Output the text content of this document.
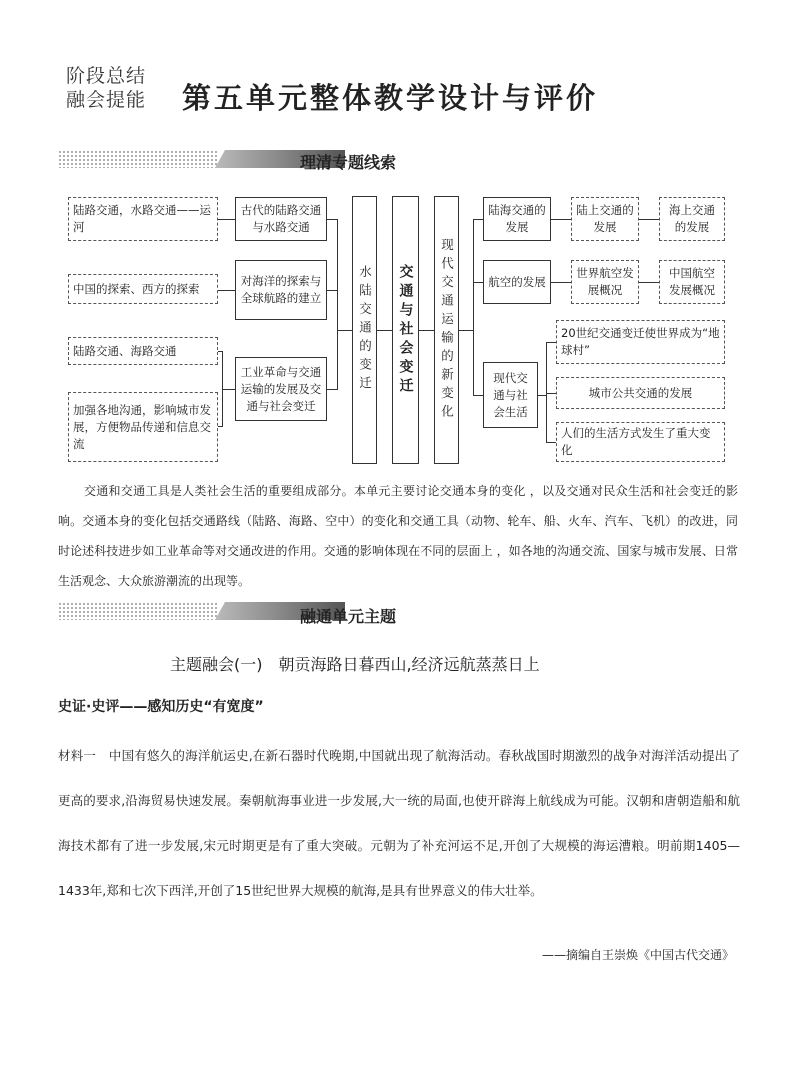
阶段总结
融会提能	第五单元整体教学设计与评价
理清专题线索
陆路交通，水路交通——运河
中国的探索、西方的探索
陆路交通、海路交通
加强各地沟通，影响城市发展，方便物品传递和信息交流
古代的陆路交通与水路交通
对海洋的探索与全球航路的建立
工业革命与交通运输的发展及交通与社会变迁
水陆交通的变迁 交通与社会变迁 现代交通运输的新变化
陆海交通的发展
航空的发展
现代交通与社会生活
陆上交通的发展
世界航空发展概况
海上交通的发展
中国航空发展概况
20世纪交通变迁使世界成为“地球村”
城市公共交通的发展
人们的生活方式发生了重大变化

交通和交通工具是人类社会生活的重要组成部分。本单元主要讨论交通本身的变化 ，以及交通对民众生活和社会变迁的影响。交通本身的变化包括交通路线（陆路、海路、空中）的变化和交通工具（动物、轮车、船、火车、汽车、飞机）的改进，同时论述科技进步如工业革命等对交通改进的作用。交通的影响体现在不同的层面上 ，如各地的沟通交流、国家与城市发展、日常生活观念、大众旅游潮流的出现等。

融通单元主题
主题融会(一)　朝贡海路日暮西山,经济远航蒸蒸日上
史证·史评——感知历史“有宽度”
材料一　中国有悠久的海洋航运史,在新石器时代晚期,中国就出现了航海活动。春秋战国时期激烈的战争对海洋活动提出了更高的要求,沿海贸易快速发展。秦朝航海事业进一步发展,大一统的局面,也使开辟海上航线成为可能。汉朝和唐朝造船和航海技术都有了进一步发展,宋元时期更是有了重大突破。元朝为了补充河运不足,开创了大规模的海运漕粮。明前期1405—1433年,郑和七次下西洋,开创了15世纪世界大规模的航海,是具有世界意义的伟大壮举。
——摘编自王崇焕《中国古代交通》
